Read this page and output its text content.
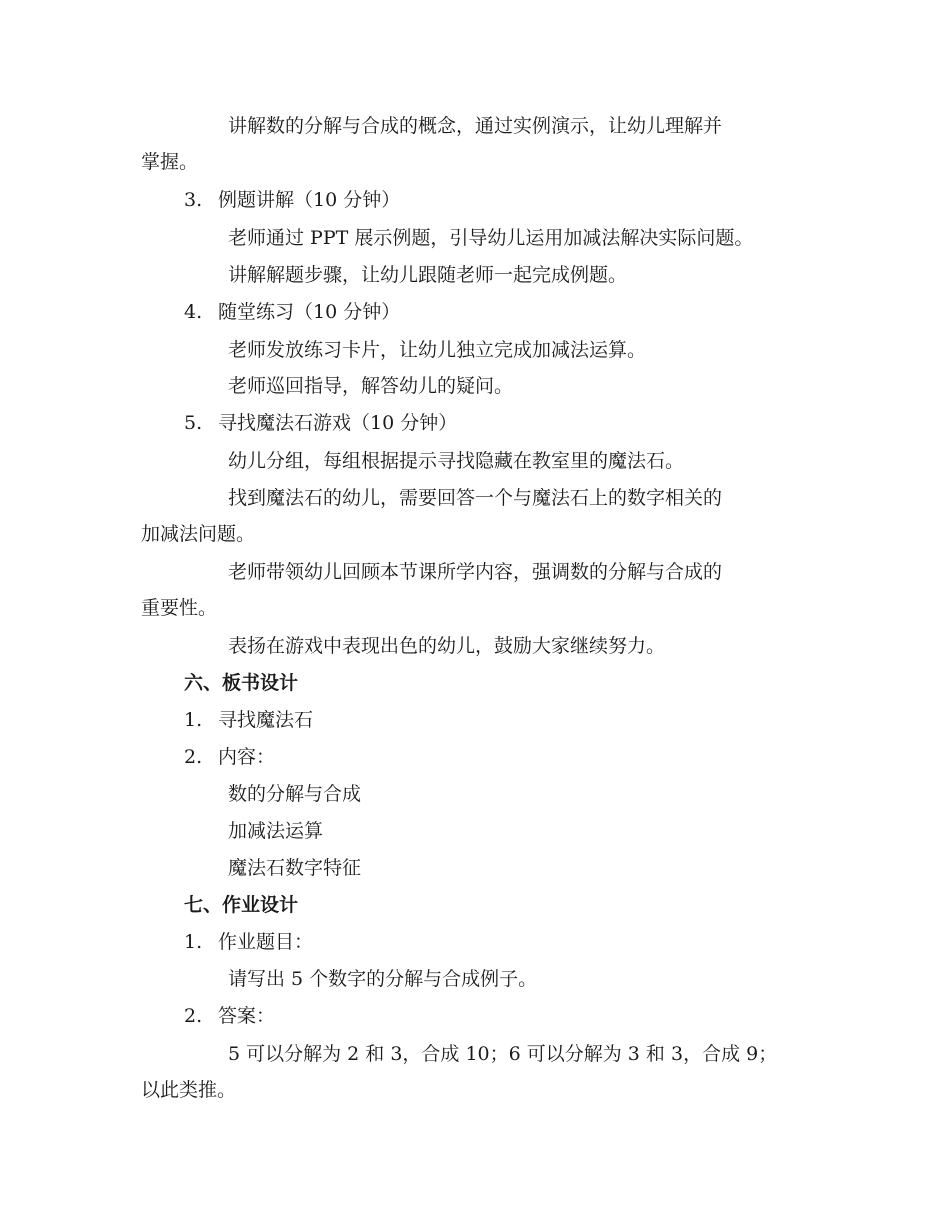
讲解数的分解与合成的概念，通过实例演示，让幼儿理解并
掌握。
3. 例题讲解（10 分钟）
老师通过 PPT 展示例题，引导幼儿运用加减法解决实际问题。
讲解解题步骤，让幼儿跟随老师一起完成例题。
4. 随堂练习（10 分钟）
老师发放练习卡片，让幼儿独立完成加减法运算。
老师巡回指导，解答幼儿的疑问。
5. 寻找魔法石游戏（10 分钟）
幼儿分组，每组根据提示寻找隐藏在教室里的魔法石。
找到魔法石的幼儿，需要回答一个与魔法石上的数字相关的
加减法问题。
老师带领幼儿回顾本节课所学内容，强调数的分解与合成的
重要性。
表扬在游戏中表现出色的幼儿，鼓励大家继续努力。
六、板书设计
1. 寻找魔法石
2. 内容：
数的分解与合成
加减法运算
魔法石数字特征
七、作业设计
1. 作业题目：
请写出 5 个数字的分解与合成例子。
2. 答案：
5 可以分解为 2 和 3，合成 10；6 可以分解为 3 和 3，合成 9；
以此类推。
